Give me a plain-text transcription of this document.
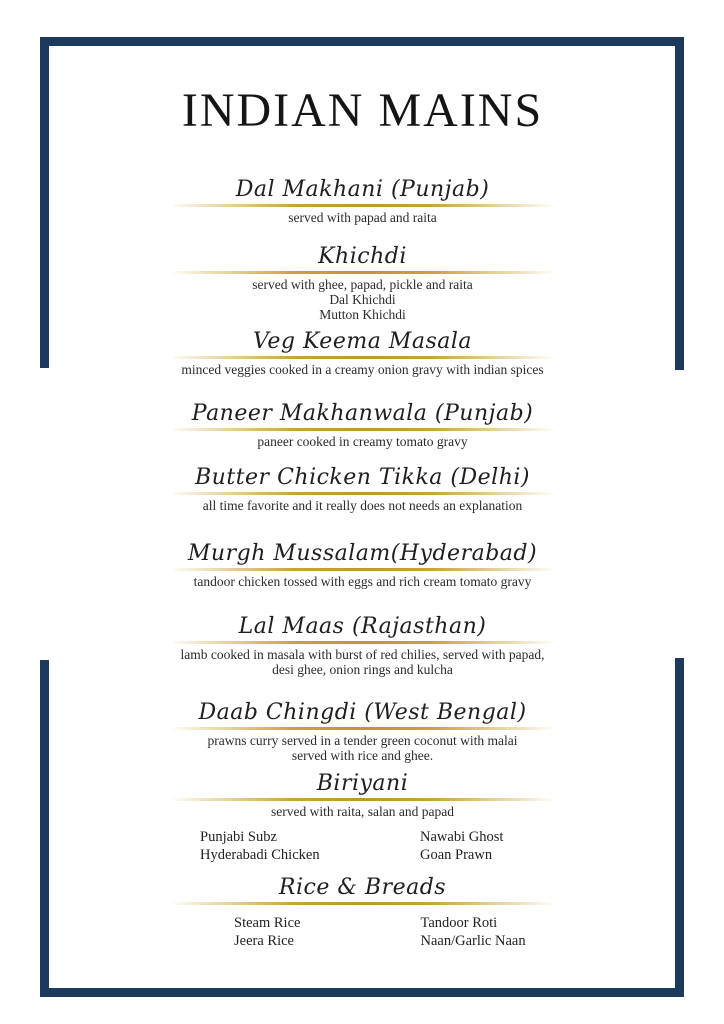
INDIAN MAINS
Dal Makhani (Punjab)
served with papad and raita
Khichdi
served with ghee, papad, pickle and raita
Dal Khichdi
Mutton Khichdi
Veg Keema Masala
minced veggies cooked in a creamy onion gravy with indian spices
Paneer Makhanwala (Punjab)
paneer cooked in creamy tomato gravy
Butter Chicken Tikka (Delhi)
all time favorite and it really does not needs an explanation
Murgh Mussalam(Hyderabad)
tandoor chicken tossed with eggs and rich cream tomato gravy
Lal Maas (Rajasthan)
lamb cooked in masala with burst of red chilies, served with papad,
desi ghee, onion rings and kulcha
Daab Chingdi (West Bengal)
prawns curry served in a tender green coconut with malai
served with rice and ghee.
Biriyani
served with raita, salan and papad
Punjabi Subz
Hyderabadi Chicken
Nawabi Ghost
Goan Prawn
Rice & Breads
Steam Rice
Jeera Rice
Tandoor Roti
Naan/Garlic Naan
